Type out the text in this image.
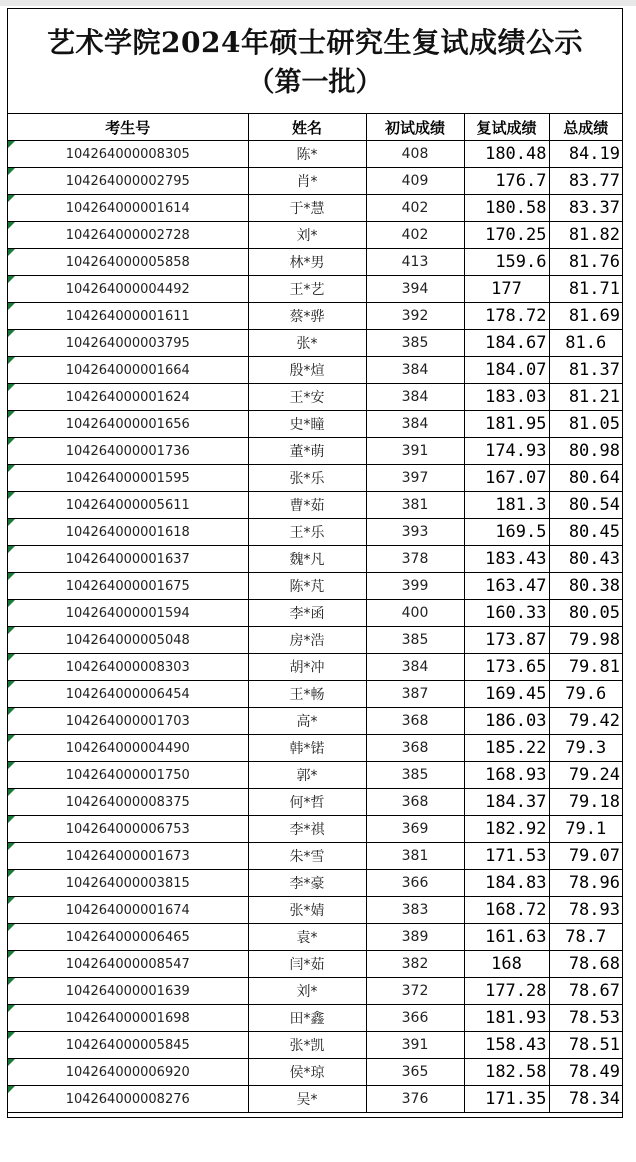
艺术学院2024年硕士研究生复试成绩公示
（第一批）
考生号	姓名	初试成绩	复试成绩	总成绩
104264000008305	陈*	408	180.48	84.19
104264000002795	肖*	409	176.7	83.77
104264000001614	于*慧	402	180.58	83.37
104264000002728	刘*	402	170.25	81.82
104264000005858	林*男	413	159.6	81.76
104264000004492	王*艺	394	177	81.71
104264000001611	蔡*骅	392	178.72	81.69
104264000003795	张*	385	184.67	81.6
104264000001664	殷*煊	384	184.07	81.37
104264000001624	王*安	384	183.03	81.21
104264000001656	史*瞳	384	181.95	81.05
104264000001736	董*萌	391	174.93	80.98
104264000001595	张*乐	397	167.07	80.64
104264000005611	曹*茹	381	181.3	80.54
104264000001618	王*乐	393	169.5	80.45
104264000001637	魏*凡	378	183.43	80.43
104264000001675	陈*芃	399	163.47	80.38
104264000001594	李*函	400	160.33	80.05
104264000005048	房*浩	385	173.87	79.98
104264000008303	胡*冲	384	173.65	79.81
104264000006454	王*畅	387	169.45	79.6
104264000001703	高*	368	186.03	79.42
104264000004490	韩*锘	368	185.22	79.3
104264000001750	郭*	385	168.93	79.24
104264000008375	何*哲	368	184.37	79.18
104264000006753	李*祺	369	182.92	79.1
104264000001673	朱*雪	381	171.53	79.07
104264000003815	李*豪	366	184.83	78.96
104264000001674	张*婧	383	168.72	78.93
104264000006465	袁*	389	161.63	78.7
104264000008547	闫*茹	382	168	78.68
104264000001639	刘*	372	177.28	78.67
104264000001698	田*鑫	366	181.93	78.53
104264000005845	张*凯	391	158.43	78.51
104264000006920	侯*琼	365	182.58	78.49
104264000008276	吴*	376	171.35	78.34
